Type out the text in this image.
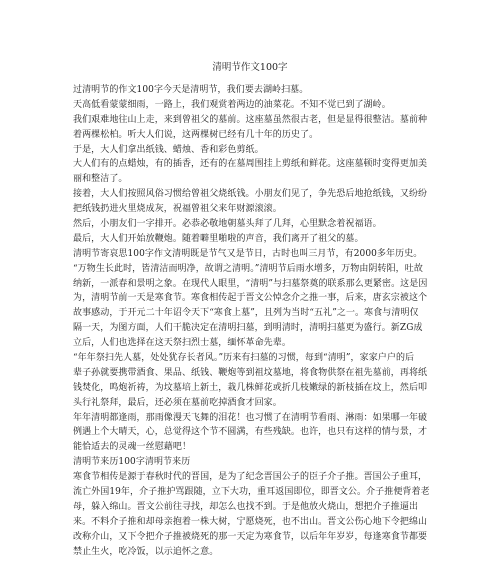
清明节作文100字
过清明节的作文100字今天是清明节，我们要去湖岭扫墓。
天高低看蒙蒙细雨，一路上，我们观赏着两边的油菜花。不知不觉已到了湖岭。
我们艰难地往山上走，来到曾祖父的墓前。这座墓虽然很古老，但是显得很整洁。墓前种
着两棵松柏。听大人们说，这两棵树已经有几十年的历史了。
于是，大人们拿出纸钱、蜡烛、香和彩色剪纸。
大人们有的点蜡烛，有的插香，还有的在墓周围挂上剪纸和鲜花。这座墓顿时变得更加美
丽和整洁了。
接着，大人们按照风俗习惯给曾祖父烧纸钱。小朋友们见了，争先恐后地抢纸钱，又纷纷
把纸钱扔进火里烧成灰，祝福曾祖父来年财源滚滚。
然后，小朋友们一字排开。必恭必敬地朝墓头拜了几拜，心里默念着祝福语。
最后，大人们开始放鞭炮。随着噼里啪啦的声音，我们离开了祖父的墓。
清明节寄哀思100字作文清明既是节气又是节日，古时也叫三月节，有2000多年历史。
“万物生长此时，皆清洁而明净，故谓之清明。”清明节后雨水增多，万物由阴转阳，吐故
纳新，一派春和景明之象。在现代人眼里，“清明”与扫墓祭奠的联系那么更紧密。这是因
为，清明节前一天是寒食节。寒食相传起于晋文公悼念介之推一事，后来，唐玄宗被这个
故事感动，于开元二十年诏令天下“寒食上墓”，且列为当时“五礼”之一。寒食与清明仅
隔一天，为图方面，人们干脆决定在清明扫墓，到明清时，清明扫墓更为盛行。新ZG成
立后，人们也选择在这天祭扫烈士墓，缅怀革命先辈。
“年年祭扫先人墓，处处犹存长者风。”历来有扫墓的习惯，每到“清明”，家家户户的后
辈子孙就要携带酒食、果品、纸钱、鞭炮等到祖坟墓地，将食物供祭在祖先墓前，再将纸
钱焚化，鸣炮祈祷，为坟墓培上新土，栽几株鲜花或折几枝嫩绿的新枝插在坟上，然后叩
头行礼祭拜，最后，还必须在墓前吃掉酒食才回家。
年年清明都逢雨，那雨像漫天飞舞的泪花！也习惯了在清明节看雨、淋雨：如果哪一年破
例遇上个大晴天，心，总觉得这个节不圆满，有些残缺。也许，也只有这样的情与景，才
能恰适去的灵魂一丝慰藉吧！
清明节来历100字清明节来历
寒食节相传是源于春秋时代的晋国，是为了纪念晋国公子的臣子介子推。晋国公子重耳，
流亡外国19年，介子推护骂跟随，立下大功，重耳返国即位，即晋文公。介子推便背着老
母，躲入绵山。晋文公前往寻找，却怎么也找不到。于是他放火烧山，想把介子推逼出
来。不料介子推和却母亲抱着一株大树，宁愿烧死，也不出山。晋文公伤心地下令把绵山
改称介山，又下令把介子推被烧死的那一天定为寒食节，以后年年岁岁，每逢寒食节都要
禁止生火，吃冷饭，以示追怀之意。
